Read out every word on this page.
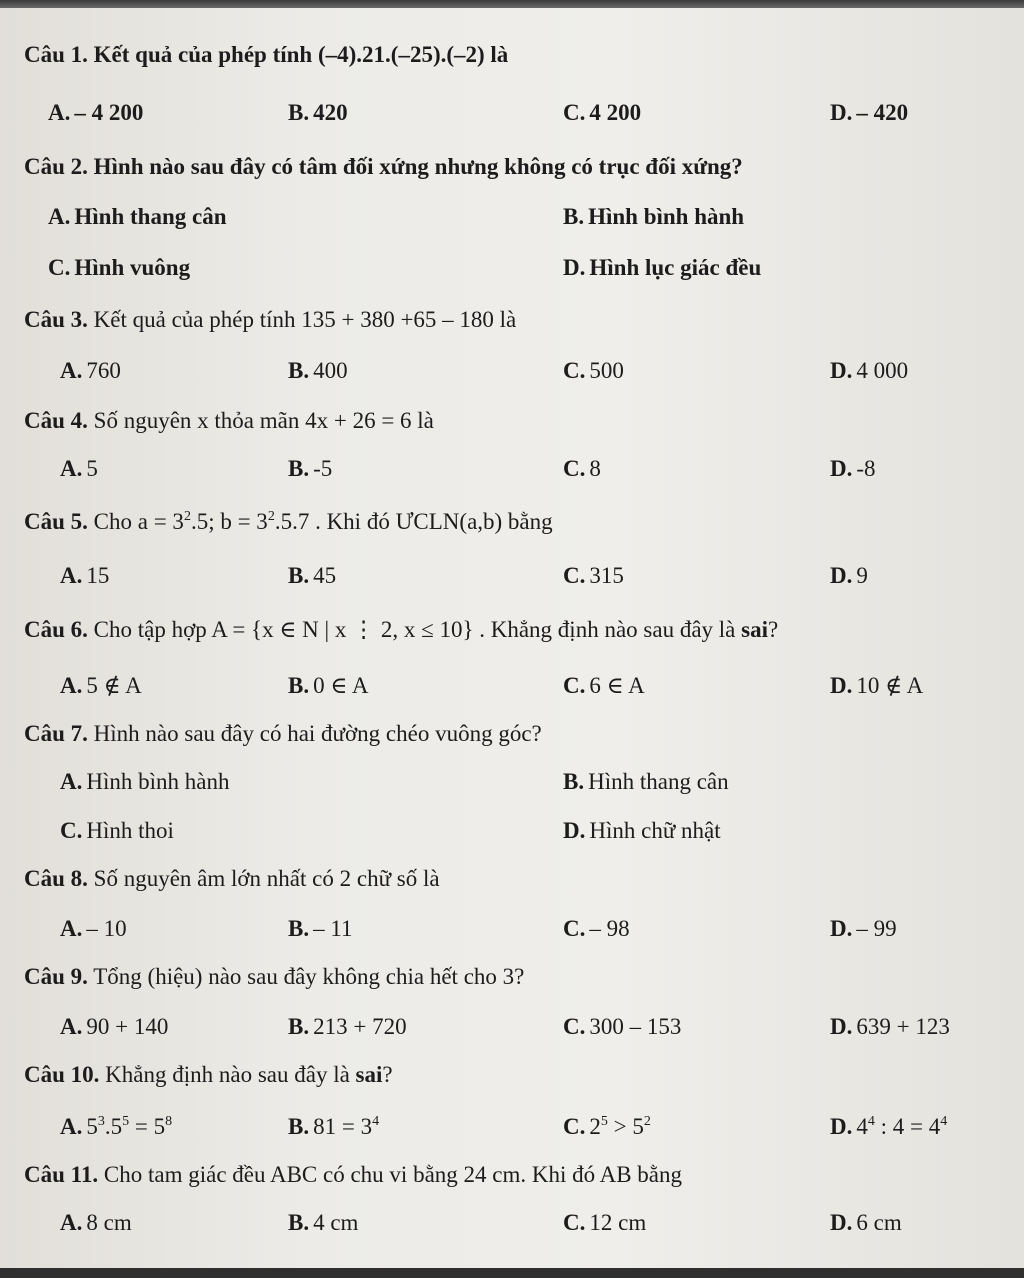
Câu 1. Kết quả của phép tính (–4).21.(–25).(–2) là
A. – 4 200	B. 420	C. 4 200	D. – 420
Câu 2. Hình nào sau đây có tâm đối xứng nhưng không có trục đối xứng?
A. Hình thang cân	B. Hình bình hành
C. Hình vuông	D. Hình lục giác đều
Câu 3. Kết quả của phép tính 135 + 380 +65 – 180 là
A. 760	B. 400	C. 500	D. 4 000
Câu 4. Số nguyên x thỏa mãn 4x + 26 = 6 là
A. 5	B. -5	C. 8	D. -8
Câu 5. Cho $a = 3^2.5$; $b = 3^2.5.7$ . Khi đó ƯCLN(a,b) bằng
A. 15	B. 45	C. 315	D. 9
Câu 6. Cho tập hợp A = {x ∈ N | x ⋮ 2, x ≤ 10} . Khẳng định nào sau đây là sai?
A. 5 ∉ A	B. 0 ∈ A	C. 6 ∈ A	D. 10 ∉ A
Câu 7. Hình nào sau đây có hai đường chéo vuông góc?
A. Hình bình hành	B. Hình thang cân
C. Hình thoi	D. Hình chữ nhật
Câu 8. Số nguyên âm lớn nhất có 2 chữ số là
A. – 10	B. – 11	C. – 98	D. – 99
Câu 9. Tổng (hiệu) nào sau đây không chia hết cho 3?
A. 90 + 140	B. 213 + 720	C. 300 – 153	D. 639 + 123
Câu 10. Khẳng định nào sau đây là sai?
A. $5^3.5^5 = 5^8$	B. $81 = 3^4$	C. $2^5 > 5^2$	D. $4^4$ : $4 = 4^4$
Câu 11. Cho tam giác đều ABC có chu vi bằng 24 cm. Khi đó AB bằng
A. 8 cm	B. 4 cm	C. 12 cm	D. 6 cm
